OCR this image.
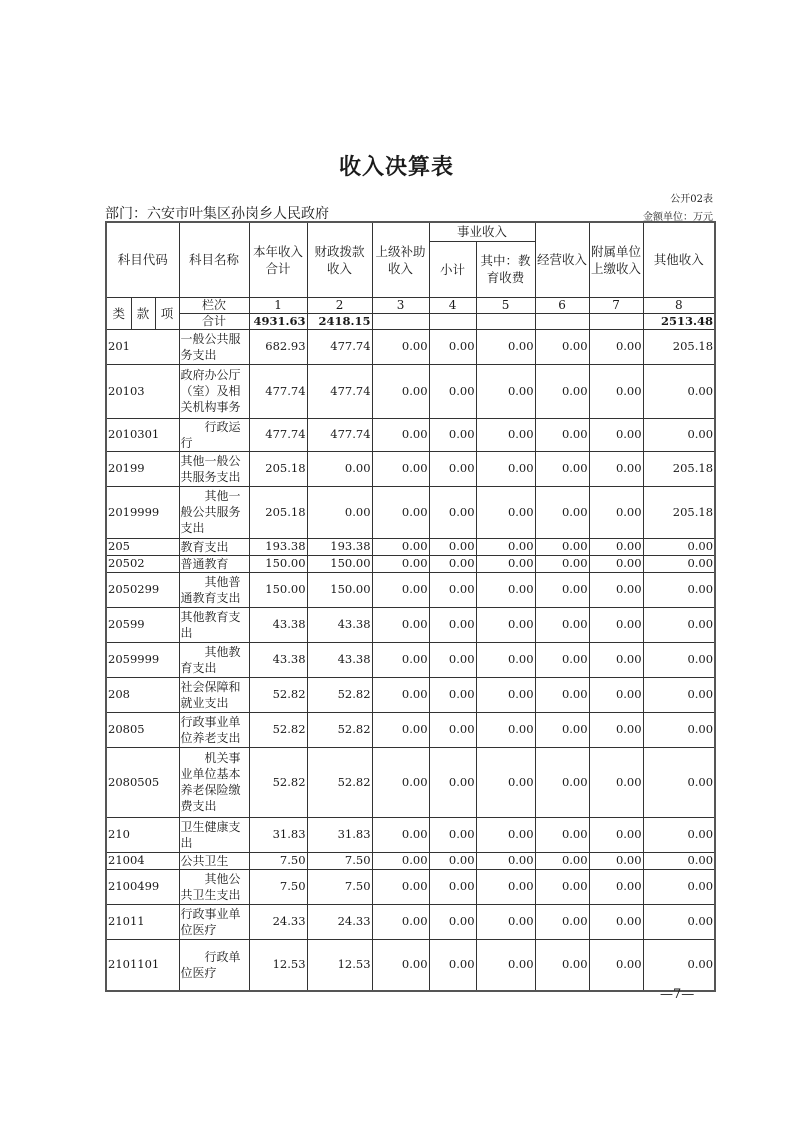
收入决算表
公开02表
部门：六安市叶集区孙岗乡人民政府	金额单位：万元
科目代码			科目名称	本年收入合计	财政拨款收入	上级补助收入	事业收入		经营收入	附属单位上缴收入	其他收入
							小计	其中：教育收费			
类	款	项	栏次	1	2	3	4	5	6	7	8
			合计	4931.63	2418.15						2513.48
201			一般公共服务支出	682.93	477.74	0.00	0.00	0.00	0.00	0.00	205.18
20103			政府办公厅（室）及相关机构事务	477.74	477.74	0.00	0.00	0.00	0.00	0.00	0.00
2010301			行政运行	477.74	477.74	0.00	0.00	0.00	0.00	0.00	0.00
20199			其他一般公共服务支出	205.18	0.00	0.00	0.00	0.00	0.00	0.00	205.18
2019999			其他一般公共服务支出	205.18	0.00	0.00	0.00	0.00	0.00	0.00	205.18
205			教育支出	193.38	193.38	0.00	0.00	0.00	0.00	0.00	0.00
20502			普通教育	150.00	150.00	0.00	0.00	0.00	0.00	0.00	0.00
2050299			其他普通教育支出	150.00	150.00	0.00	0.00	0.00	0.00	0.00	0.00
20599			其他教育支出	43.38	43.38	0.00	0.00	0.00	0.00	0.00	0.00
2059999			其他教育支出	43.38	43.38	0.00	0.00	0.00	0.00	0.00	0.00
208			社会保障和就业支出	52.82	52.82	0.00	0.00	0.00	0.00	0.00	0.00
20805			行政事业单位养老支出	52.82	52.82	0.00	0.00	0.00	0.00	0.00	0.00
2080505			机关事业单位基本养老保险缴费支出	52.82	52.82	0.00	0.00	0.00	0.00	0.00	0.00
210			卫生健康支出	31.83	31.83	0.00	0.00	0.00	0.00	0.00	0.00
21004			公共卫生	7.50	7.50	0.00	0.00	0.00	0.00	0.00	0.00
2100499			其他公共卫生支出	7.50	7.50	0.00	0.00	0.00	0.00	0.00	0.00
21011			行政事业单位医疗	24.33	24.33	0.00	0.00	0.00	0.00	0.00	0.00
2101101			行政单位医疗	12.53	12.53	0.00	0.00	0.00	0.00	0.00	0.00
—7—
